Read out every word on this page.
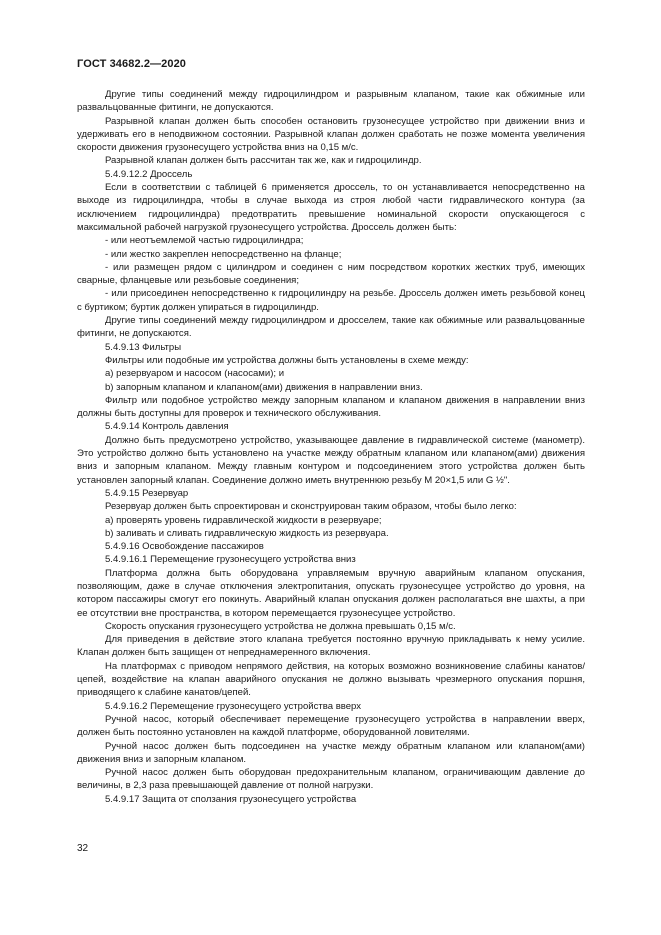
ГОСТ 34682.2—2020

Другие типы соединений между гидроцилиндром и разрывным клапаном, такие как обжимные или развальцованные фитинги, не допускаются.

Разрывной клапан должен быть способен остановить грузонесущее устройство при движении вниз и удерживать его в неподвижном состоянии. Разрывной клапан должен сработать не позже момента увеличения скорости движения грузонесущего устройства вниз на 0,15 м/с.

Разрывной клапан должен быть рассчитан так же, как и гидроцилиндр.

5.4.9.12.2 Дроссель

Если в соответствии с таблицей 6 применяется дроссель, то он устанавливается непосредственно на выходе из гидроцилиндра, чтобы в случае выхода из строя любой части гидравлического контура (за исключением гидроцилиндра) предотвратить превышение номинальной скорости опускающегося с максимальной рабочей нагрузкой грузонесущего устройства. Дроссель должен быть:

- или неотъемлемой частью гидроцилиндра;

- или жестко закреплен непосредственно на фланце;

- или размещен рядом с цилиндром и соединен с ним посредством коротких жестких труб, имеющих сварные, фланцевые или резьбовые соединения;

- или присоединен непосредственно к гидроцилиндру на резьбе. Дроссель должен иметь резьбовой конец с буртиком; буртик должен упираться в гидроцилиндр.

Другие типы соединений между гидроцилиндром и дросселем, такие как обжимные или развальцованные фитинги, не допускаются.

5.4.9.13 Фильтры

Фильтры или подобные им устройства должны быть установлены в схеме между:

a) резервуаром и насосом (насосами); и

b) запорным клапаном и клапаном(ами) движения в направлении вниз.

Фильтр или подобное устройство между запорным клапаном и клапаном движения в направлении вниз должны быть доступны для проверок и технического обслуживания.

5.4.9.14 Контроль давления

Должно быть предусмотрено устройство, указывающее давление в гидравлической системе (манометр). Это устройство должно быть установлено на участке между обратным клапаном или клапаном(ами) движения вниз и запорным клапаном. Между главным контуром и подсоединением этого устройства должен быть установлен запорный клапан. Соединение должно иметь внутреннюю резьбу М 20×1,5 или G ½".

5.4.9.15 Резервуар

Резервуар должен быть спроектирован и сконструирован таким образом, чтобы было легко:

a) проверять уровень гидравлической жидкости в резервуаре;

b) заливать и сливать гидравлическую жидкость из резервуара.

5.4.9.16 Освобождение пассажиров

5.4.9.16.1 Перемещение грузонесущего устройства вниз

Платформа должна быть оборудована управляемым вручную аварийным клапаном опускания, позволяющим, даже в случае отключения электропитания, опускать грузонесущее устройство до уровня, на котором пассажиры смогут его покинуть. Аварийный клапан опускания должен располагаться вне шахты, а при ее отсутствии вне пространства, в котором перемещается грузонесущее устройство.

Скорость опускания грузонесущего устройства не должна превышать 0,15 м/с.

Для приведения в действие этого клапана требуется постоянно вручную прикладывать к нему усилие. Клапан должен быть защищен от непреднамеренного включения.

На платформах с приводом непрямого действия, на которых возможно возникновение слабины канатов/цепей, воздействие на клапан аварийного опускания не должно вызывать чрезмерного опускания поршня, приводящего к слабине канатов/цепей.

5.4.9.16.2 Перемещение грузонесущего устройства вверх

Ручной насос, который обеспечивает перемещение грузонесущего устройства в направлении вверх, должен быть постоянно установлен на каждой платформе, оборудованной ловителями.

Ручной насос должен быть подсоединен на участке между обратным клапаном или клапаном(ами) движения вниз и запорным клапаном.

Ручной насос должен быть оборудован предохранительным клапаном, ограничивающим давление до величины, в 2,3 раза превышающей давление от полной нагрузки.

5.4.9.17 Защита от сползания грузонесущего устройства

32
